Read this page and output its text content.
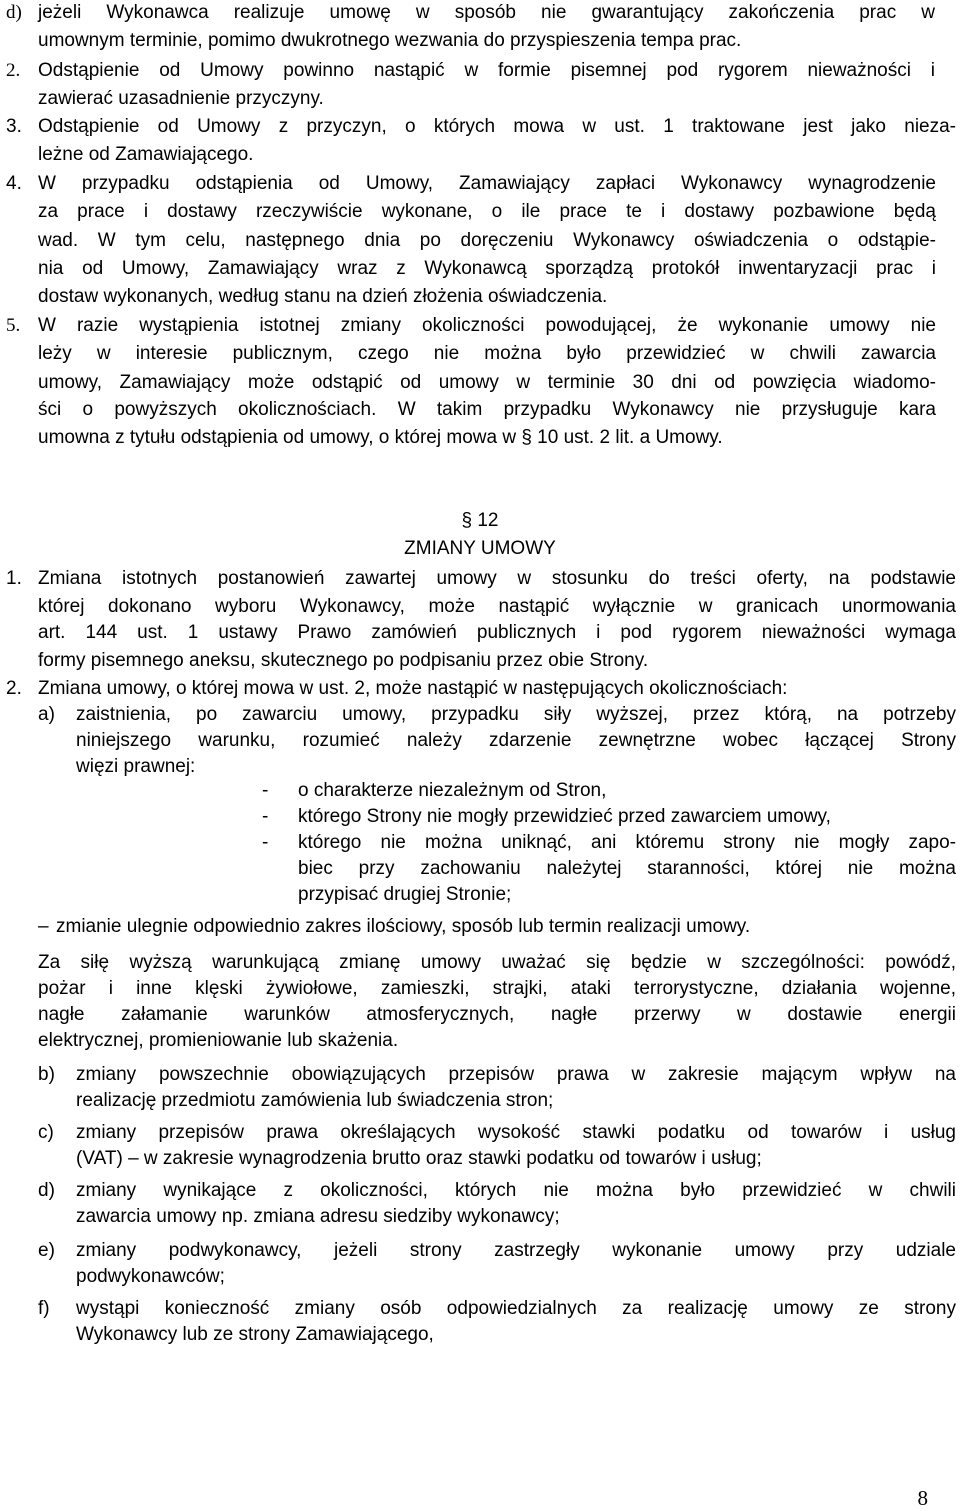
d) jeżeli Wykonawca realizuje umowę w sposób nie gwarantujący zakończenia prac w
umownym terminie, pomimo dwukrotnego wezwania do przyspieszenia tempa prac.
2. Odstąpienie od Umowy powinno nastąpić w formie pisemnej pod rygorem nieważności i
zawierać uzasadnienie przyczyny.
3. Odstąpienie od Umowy z przyczyn, o których mowa w ust. 1 traktowane jest jako nieza-
leżne od Zamawiającego.
4. W przypadku odstąpienia od Umowy, Zamawiający zapłaci Wykonawcy wynagrodzenie
za prace i dostawy rzeczywiście wykonane, o ile prace te i dostawy pozbawione będą
wad. W tym celu, następnego dnia po doręczeniu Wykonawcy oświadczenia o odstąpie-
nia od Umowy, Zamawiający wraz z Wykonawcą sporządzą protokół inwentaryzacji prac i
dostaw wykonanych, według stanu na dzień złożenia oświadczenia.
5. W razie wystąpienia istotnej zmiany okoliczności powodującej, że wykonanie umowy nie
leży w interesie publicznym, czego nie można było przewidzieć w chwili zawarcia
umowy, Zamawiający może odstąpić od umowy w terminie 30 dni od powzięcia wiadomo-
ści o powyższych okolicznościach. W takim przypadku Wykonawcy nie przysługuje kara
umowna z tytułu odstąpienia od umowy, o której mowa w § 10 ust. 2 lit. a Umowy.
§ 12
ZMIANY UMOWY
1. Zmiana istotnych postanowień zawartej umowy w stosunku do treści oferty, na podstawie
której dokonano wyboru Wykonawcy, może nastąpić wyłącznie w granicach unormowania
art. 144 ust. 1 ustawy Prawo zamówień publicznych i pod rygorem nieważności wymaga
formy pisemnego aneksu, skutecznego po podpisaniu przez obie Strony.
2. Zmiana umowy, o której mowa w ust. 2, może nastąpić w następujących okolicznościach:
a) zaistnienia, po zawarciu umowy, przypadku siły wyższej, przez którą, na potrzeby
niniejszego warunku, rozumieć należy zdarzenie zewnętrzne wobec łączącej Strony
więzi prawnej:
- o charakterze niezależnym od Stron,
- którego Strony nie mogły przewidzieć przed zawarciem umowy,
- którego nie można uniknąć, ani któremu strony nie mogły zapo-
biec przy zachowaniu należytej staranności, której nie można
przypisać drugiej Stronie;
– zmianie ulegnie odpowiednio zakres ilościowy, sposób lub termin realizacji umowy.
Za siłę wyższą warunkującą zmianę umowy uważać się będzie w szczególności: powódź,
pożar i inne klęski żywiołowe, zamieszki, strajki, ataki terrorystyczne, działania wojenne,
nagłe załamanie warunków atmosferycznych, nagłe przerwy w dostawie energii
elektrycznej, promieniowanie lub skażenia.
b) zmiany powszechnie obowiązujących przepisów prawa w zakresie mającym wpływ na
realizację przedmiotu zamówienia lub świadczenia stron;
c) zmiany przepisów prawa określających wysokość stawki podatku od towarów i usług
(VAT) – w zakresie wynagrodzenia brutto oraz stawki podatku od towarów i usług;
d) zmiany wynikające z okoliczności, których nie można było przewidzieć w chwili
zawarcia umowy np. zmiana adresu siedziby wykonawcy;
e) zmiany podwykonawcy, jeżeli strony zastrzegły wykonanie umowy przy udziale
podwykonawców;
f) wystąpi konieczność zmiany osób odpowiedzialnych za realizację umowy ze strony
Wykonawcy lub ze strony Zamawiającego,
8
